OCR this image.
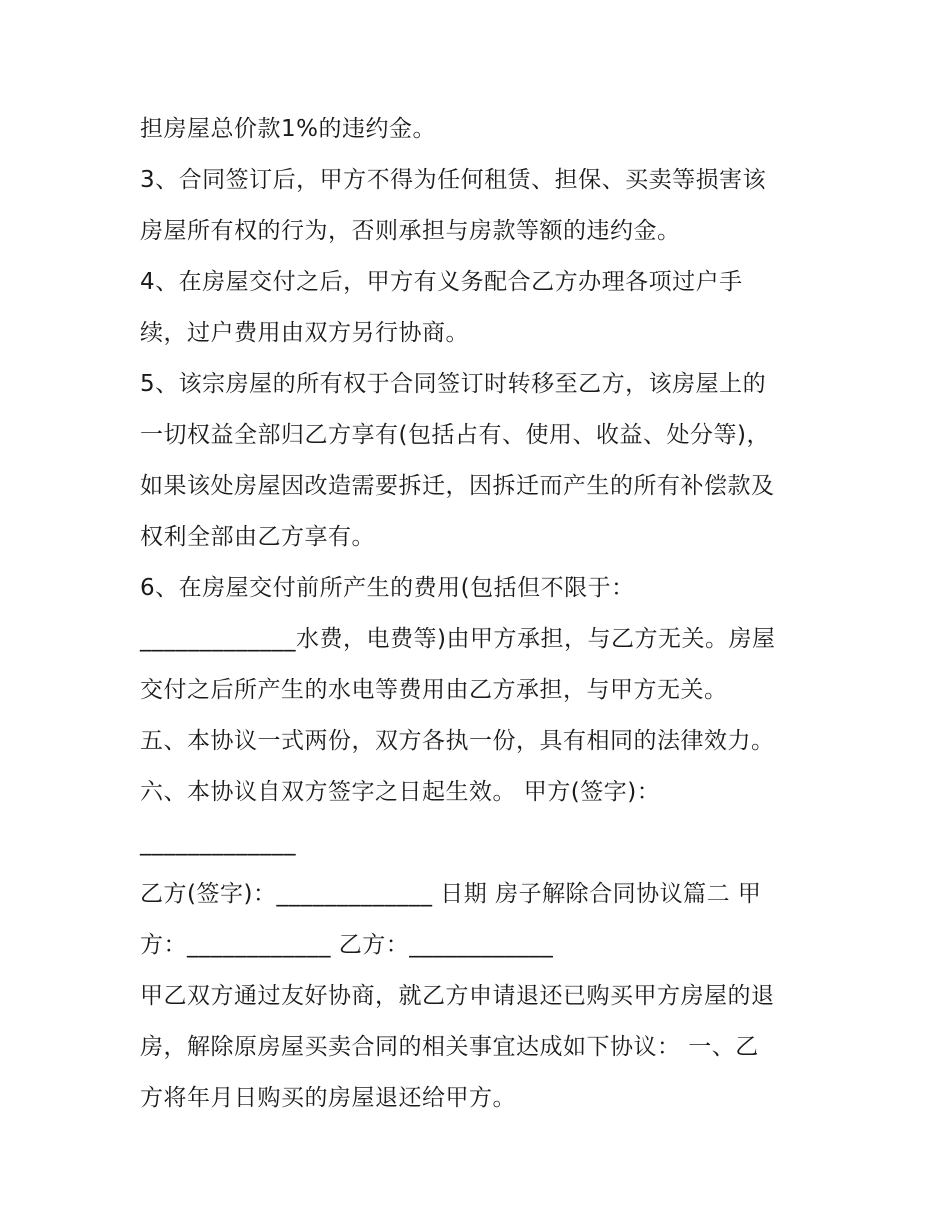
担房屋总价款1%的违约金。
3、合同签订后，甲方不得为任何租赁、担保、买卖等损害该
房屋所有权的行为，否则承担与房款等额的违约金。
4、在房屋交付之后，甲方有义务配合乙方办理各项过户手
续，过户费用由双方另行协商。
5、该宗房屋的所有权于合同签订时转移至乙方，该房屋上的
一切权益全部归乙方享有(包括占有、使用、收益、处分等)，
如果该处房屋因改造需要拆迁，因拆迁而产生的所有补偿款及
权利全部由乙方享有。
6、在房屋交付前所产生的费用(包括但不限于：
_____________水费，电费等)由甲方承担，与乙方无关。房屋
交付之后所产生的水电等费用由乙方承担，与甲方无关。
五、本协议一式两份，双方各执一份，具有相同的法律效力。
六、本协议自双方签字之日起生效。 甲方(签字)：
_____________
乙方(签字)：_____________ 日期 房子解除合同协议篇二 甲
方：____________ 乙方：____________
甲乙双方通过友好协商，就乙方申请退还已购买甲方房屋的退
房，解除原房屋买卖合同的相关事宜达成如下协议： 一、乙
方将年月日购买的房屋退还给甲方。
